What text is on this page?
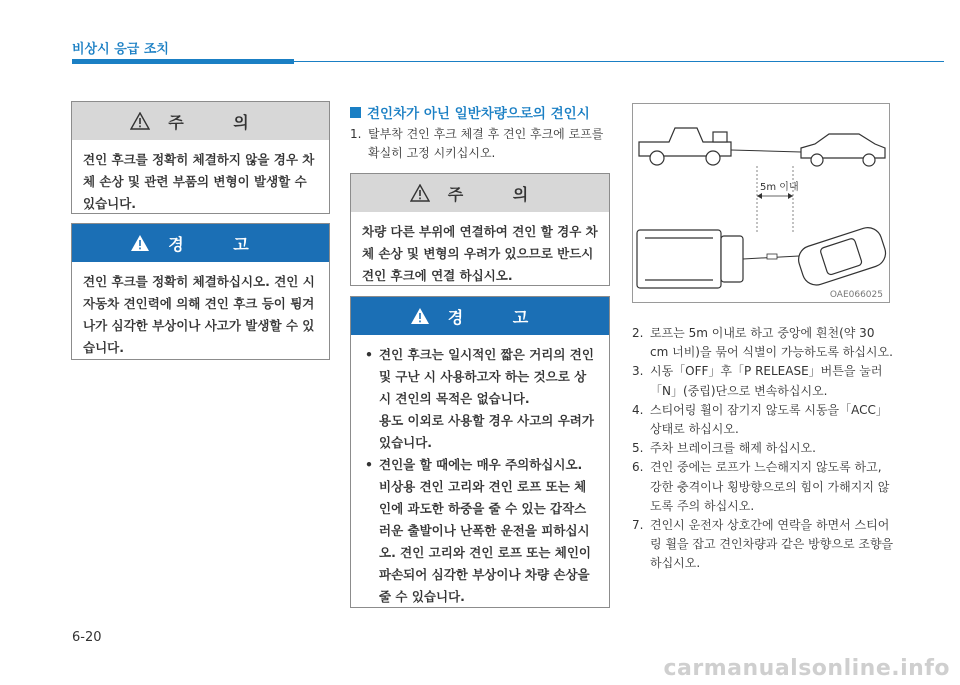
비상시 응급 조치
주 의
견인 후크를 정확히 체결하지 않을 경우 차체 손상 및 관련 부품의 변형이 발생할 수 있습니다.
경 고
견인 후크를 정확히 체결하십시오. 견인 시 자동차 견인력에 의해 견인 후크 등이 튕겨 나가 심각한 부상이나 사고가 발생할 수 있습니다.
견인차가 아닌 일반차량으로의 견인시
1. 탈부착 견인 후크 체결 후 견인 후크에 로프를 확실히 고정 시키십시오.
주 의
차량 다른 부위에 연결하여 견인 할 경우 차체 손상 및 변형의 우려가 있으므로 반드시 견인 후크에 연결 하십시오.
경 고
• 견인 후크는 일시적인 짧은 거리의 견인 및 구난 시 사용하고자 하는 것으로 상시 견인의 목적은 없습니다.
용도 이외로 사용할 경우 사고의 우려가 있습니다.
• 견인을 할 때에는 매우 주의하십시오. 비상용 견인 고리와 견인 로프 또는 체인에 과도한 하중을 줄 수 있는 갑작스러운 출발이나 난폭한 운전을 피하십시오. 견인 고리와 견인 로프 또는 체인이 파손되어 심각한 부상이나 차량 손상을 줄 수 있습니다.
5m 이내
OAE066025
2. 로프는 5m 이내로 하고 중앙에 흰천(약 30 cm 너비)을 묶어 식별이 가능하도록 하십시오.
3. 시동「OFF」후「P RELEASE」버튼을 눌러「N」(중립)단으로 변속하십시오.
4. 스티어링 휠이 잠기지 않도록 시동을「ACC」상태로 하십시오.
5. 주차 브레이크를 해제 하십시오.
6. 견인 중에는 로프가 느슨해지지 않도록 하고, 강한 충격이나 횡방향으로의 힘이 가해지지 않도록 주의 하십시오.
7. 견인시 운전자 상호간에 연락을 하면서 스티어링 휠을 잡고 견인차량과 같은 방향으로 조향을 하십시오.
6-20
carmanualsonline.info
